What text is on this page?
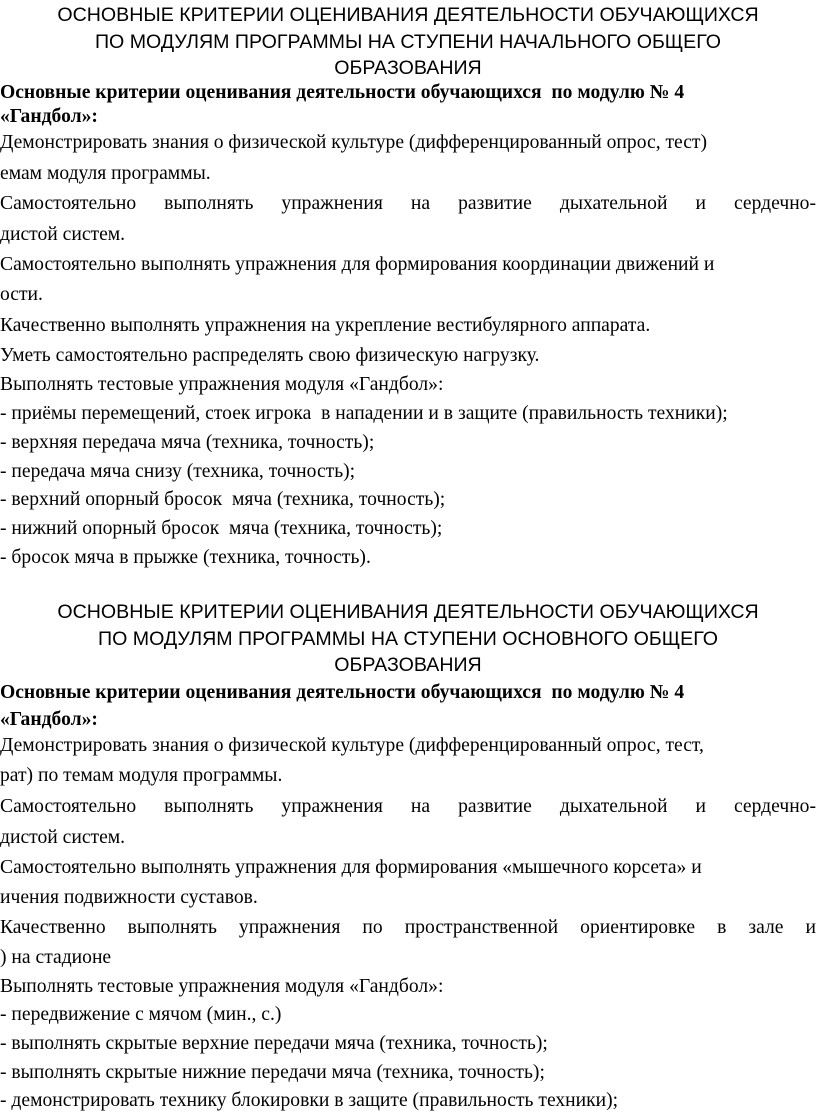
ОСНОВНЫЕ КРИТЕРИИ ОЦЕНИВАНИЯ ДЕЯТЕЛЬНОСТИ ОБУЧАЮЩИХСЯ
ПО МОДУЛЯМ ПРОГРАММЫ НА СТУПЕНИ НАЧАЛЬНОГО ОБЩЕГО
ОБРАЗОВАНИЯ
Основные критерии оценивания деятельности обучающихся  по модулю № 4
«Гандбол»:
Демонстрировать знания о физической культуре (дифференцированный опрос, тест)
емам модуля программы.
Самостоятельно выполнять упражнения на развитие дыхательной и сердечно-
дистой систем.
Самостоятельно выполнять упражнения для формирования координации движений и
ости.
Качественно выполнять упражнения на укрепление вестибулярного аппарата.
Уметь самостоятельно распределять свою физическую нагрузку.
Выполнять тестовые упражнения модуля «Гандбол»:
- приёмы перемещений, стоек игрока  в нападении и в защите (правильность техники);
- верхняя передача мяча (техника, точность);
- передача мяча снизу (техника, точность);
- верхний опорный бросок  мяча (техника, точность);
- нижний опорный бросок  мяча (техника, точность);
- бросок мяча в прыжке (техника, точность).
ОСНОВНЫЕ КРИТЕРИИ ОЦЕНИВАНИЯ ДЕЯТЕЛЬНОСТИ ОБУЧАЮЩИХСЯ
ПО МОДУЛЯМ ПРОГРАММЫ НА СТУПЕНИ ОСНОВНОГО ОБЩЕГО
ОБРАЗОВАНИЯ
Основные критерии оценивания деятельности обучающихся  по модулю № 4
«Гандбол»:
Демонстрировать знания о физической культуре (дифференцированный опрос, тест,
рат) по темам модуля программы.
Самостоятельно выполнять упражнения на развитие дыхательной и сердечно-
дистой систем.
Самостоятельно выполнять упражнения для формирования «мышечного корсета» и
ичения подвижности суставов.
Качественно выполнять упражнения по пространственной ориентировке в зале и
) на стадионе
Выполнять тестовые упражнения модуля «Гандбол»:
- передвижение с мячом (мин., с.)
- выполнять скрытые верхние передачи мяча (техника, точность);
- выполнять скрытые нижние передачи мяча (техника, точность);
- демонстрировать технику блокировки в защите (правильность техники);
